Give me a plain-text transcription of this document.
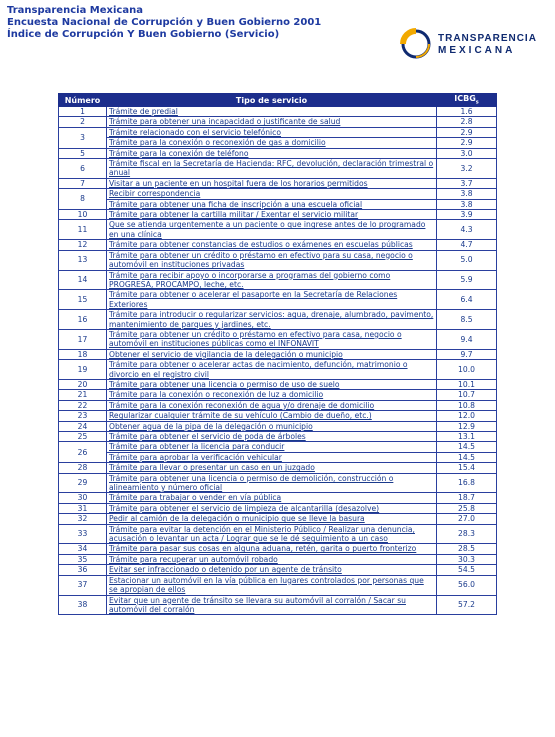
Transparencia Mexicana
Encuesta Nacional de Corrupción y Buen Gobierno 2001
Índice de Corrupción Y Buen Gobierno (Servicio)	TRANSPARENCIA
MEXICANA
Número	Tipo de servicio	$ICBG_s$
1	Trámite de predial	1.6
2	Trámite para obtener una incapacidad o justificante de salud	2.8
3	Trámite relacionado con el servicio telefónico	2.9
	Trámite para la conexión o reconexión de gas a domicilio	2.9
5	Trámite para la conexión de teléfono	3.0
6	Trámite fiscal en la Secretaría de Hacienda: RFC, devolución, declaración trimestral o anual	3.2
7	Visitar a un paciente en un hospital fuera de los horarios permitidos	3.7
8	Recibir correspondencia	3.8
	Trámite para obtener una ficha de inscripción a una escuela oficial	3.8
10	Trámite para obtener la cartilla militar / Exentar el servicio militar	3.9
11	Que se atienda urgentemente a un paciente o que ingrese antes de lo programado en una clínica	4.3
12	Trámite para obtener constancias de estudios o exámenes en escuelas públicas	4.7
13	Trámite para obtener un crédito o préstamo en efectivo para su casa, negocio o automóvil en instituciones privadas	5.0
14	Trámite para recibir apoyo o incorporarse a programas del gobierno como PROGRESA, PROCAMPO, leche, etc.	5.9
15	Trámite para obtener o acelerar el pasaporte en la Secretaría de Relaciones Exteriores	6.4
16	Trámite para introducir o regularizar servicios: agua, drenaje, alumbrado, pavimento, mantenimiento de parques y jardines, etc.	8.5
17	Trámite para obtener un crédito o préstamo en efectivo para casa, negocio o automóvil en instituciones públicas como el INFONAVIT	9.4
18	Obtener el servicio de vigilancia de la delegación o municipio	9.7
19	Trámite para obtener o acelerar actas de nacimiento, defunción, matrimonio o divorcio en el registro civil	10.0
20	Trámite para obtener una licencia o permiso de uso de suelo	10.1
21	Trámite para la conexión o reconexión de luz a domicilio	10.7
22	Trámite para la conexión reconexión de agua y/o drenaje de domicilio	10.8
23	Regularizar cualquier trámite de su vehículo (Cambio de dueño, etc.)	12.0
24	Obtener agua de la pipa de la delegación o municipio	12.9
25	Trámite para obtener el servicio de poda de árboles	13.1
26	Trámite para obtener la licencia para conducir	14.5
	Trámite para aprobar la verificación vehicular	14.5
28	Trámite para llevar o presentar un caso en un juzgado	15.4
29	Trámite para obtener una licencia o permiso de demolición, construcción o alineamiento y número oficial	16.8
30	Trámite para trabajar o vender en vía pública	18.7
31	Trámite para obtener el servicio de limpieza de alcantarilla (desazolve)	25.8
32	Pedir al camión de la delegación o municipio que se lleve la basura	27.0
33	Trámite para evitar la detención en el Ministerio Público / Realizar una denuncia, acusación o levantar un acta / Lograr que se le dé seguimiento a un caso	28.3
34	Trámite para pasar sus cosas en alguna aduana, retén, garita o puerto fronterizo	28.5
35	Trámite para recuperar un automóvil robado	30.3
36	Evitar ser infraccionado o detenido por un agente de tránsito	54.5
37	Estacionar un automóvil en la vía pública en lugares controlados por personas que se apropian de ellos	56.0
38	Evitar que un agente de tránsito se llevara su automóvil al corralón / Sacar su automóvil del corralón	57.2
